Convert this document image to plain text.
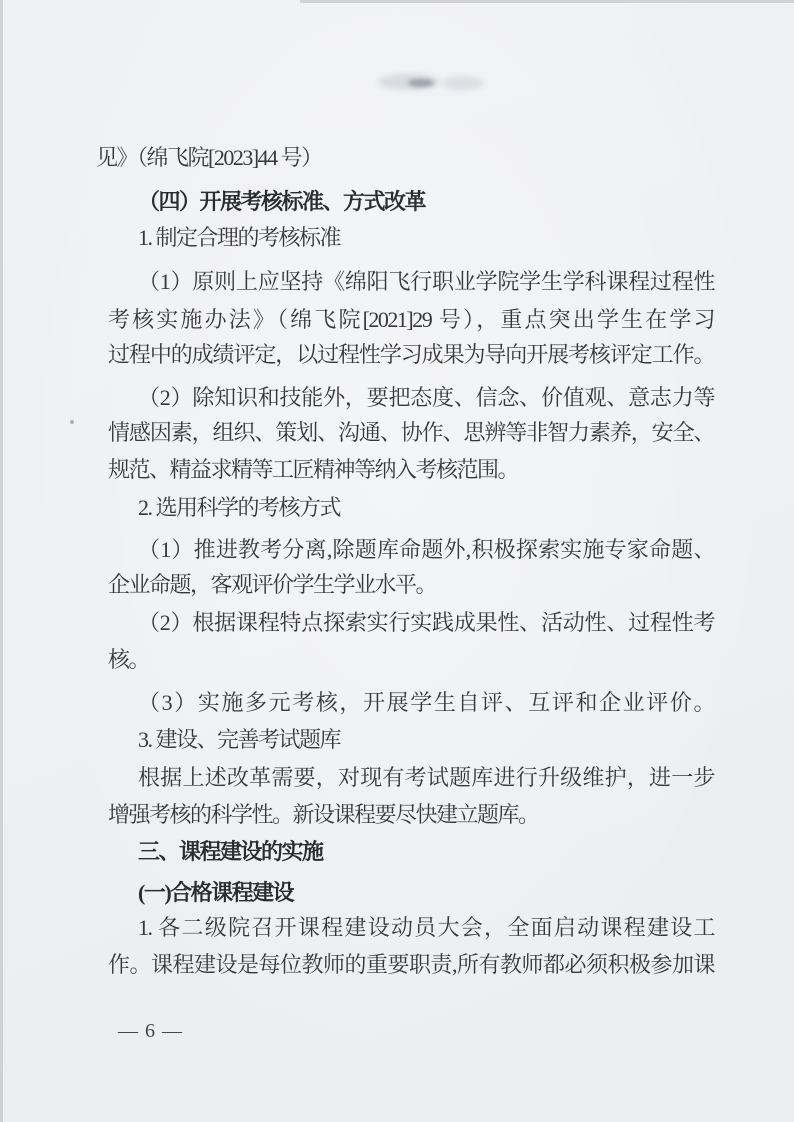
见》（绵飞院[2023]44 号）
（四）开展考核标准、方式改革
1. 制定合理的考核标准
（1）原则上应坚持《绵阳飞行职业学院学生学科课程过程性
考核实施办法》（绵飞院[2021]29 号），重点突出学生在学习
过程中的成绩评定，以过程性学习成果为导向开展考核评定工作。
（2）除知识和技能外，要把态度、信念、价值观、意志力等
情感因素，组织、策划、沟通、协作、思辨等非智力素养，安全、
规范、精益求精等工匠精神等纳入考核范围。
2. 选用科学的考核方式
（1）推进教考分离,除题库命题外,积极探索实施专家命题、
企业命题，客观评价学生学业水平。
（2）根据课程特点探索实行实践成果性、活动性、过程性考
核。
（3）实施多元考核，开展学生自评、互评和企业评价。
3. 建设、完善考试题库
根据上述改革需要，对现有考试题库进行升级维护，进一步
增强考核的科学性。新设课程要尽快建立题库。
三、课程建设的实施
(一)合格课程建设
1. 各二级院召开课程建设动员大会，全面启动课程建设工
作。课程建设是每位教师的重要职责,所有教师都必须积极参加课
— 6 —
